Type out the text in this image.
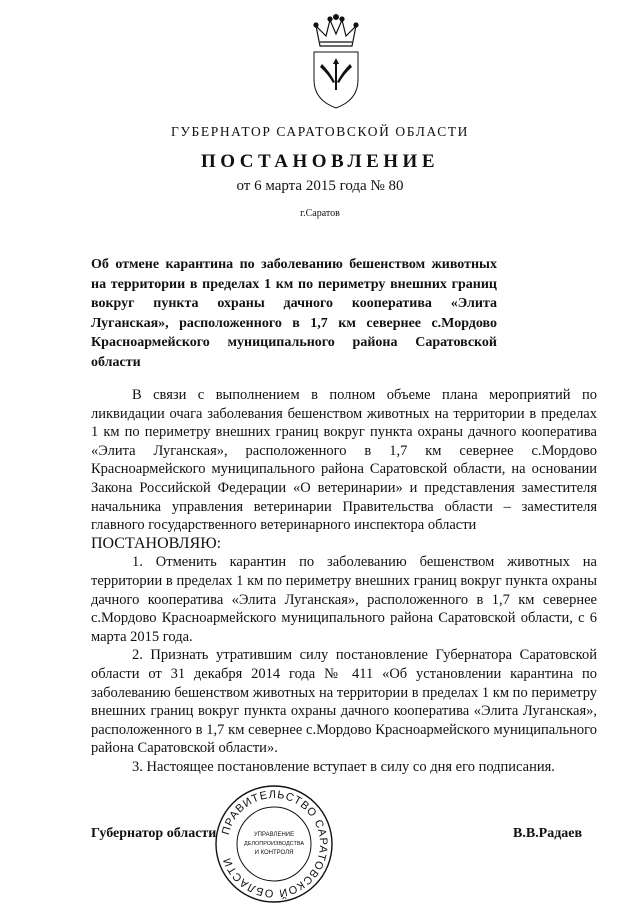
ГУБЕРНАТОР САРАТОВСКОЙ ОБЛАСТИ
ПОСТАНОВЛЕНИЕ
от 6 марта 2015 года № 80
г.Саратов

Об отмене карантина по заболеванию бешенством животных на территории в пределах 1 км по периметру внешних границ вокруг пункта охраны дачного кооператива «Элита Луганская», расположенного в 1,7 км севернее с.Мордово Красноармейского муниципального района Саратовской области

В связи с выполнением в полном объеме плана мероприятий по ликвидации очага заболевания бешенством животных на территории в пределах 1 км по периметру внешних границ вокруг пункта охраны дачного кооператива «Элита Луганская», расположенного в 1,7 км севернее с.Мордово Красноармейского муниципального района Саратовской области, на основании Закона Российской Федерации «О ветеринарии» и представления заместителя начальника управления ветеринарии Правительства области – заместителя главного государственного ветеринарного инспектора области

ПОСТАНОВЛЯЮ:

1. Отменить карантин по заболеванию бешенством животных на территории в пределах 1 км по периметру внешних границ вокруг пункта охраны дачного кооператива «Элита Луганская», расположенного в 1,7 км севернее с.Мордово Красноармейского муниципального района Саратовской области, с 6 марта 2015 года.

2. Признать утратившим силу постановление Губернатора Саратовской области от 31 декабря 2014 года № 411 «Об установлении карантина по заболеванию бешенством животных на территории в пределах 1 км по периметру внешних границ вокруг пункта охраны дачного кооператива «Элита Луганская», расположенного в 1,7 км севернее с.Мордово Красноармейского муниципального района Саратовской области».

3. Настоящее постановление вступает в силу со дня его подписания.

Губернатор области ПРАВИТЕЛЬСТВО САРАТОВСКОЙ ОБЛАСТИ
УПРАВЛЕНИЕ
ДЕЛОПРОИЗВОДСТВА
И КОНТРОЛЯ
В.В.Радаев
